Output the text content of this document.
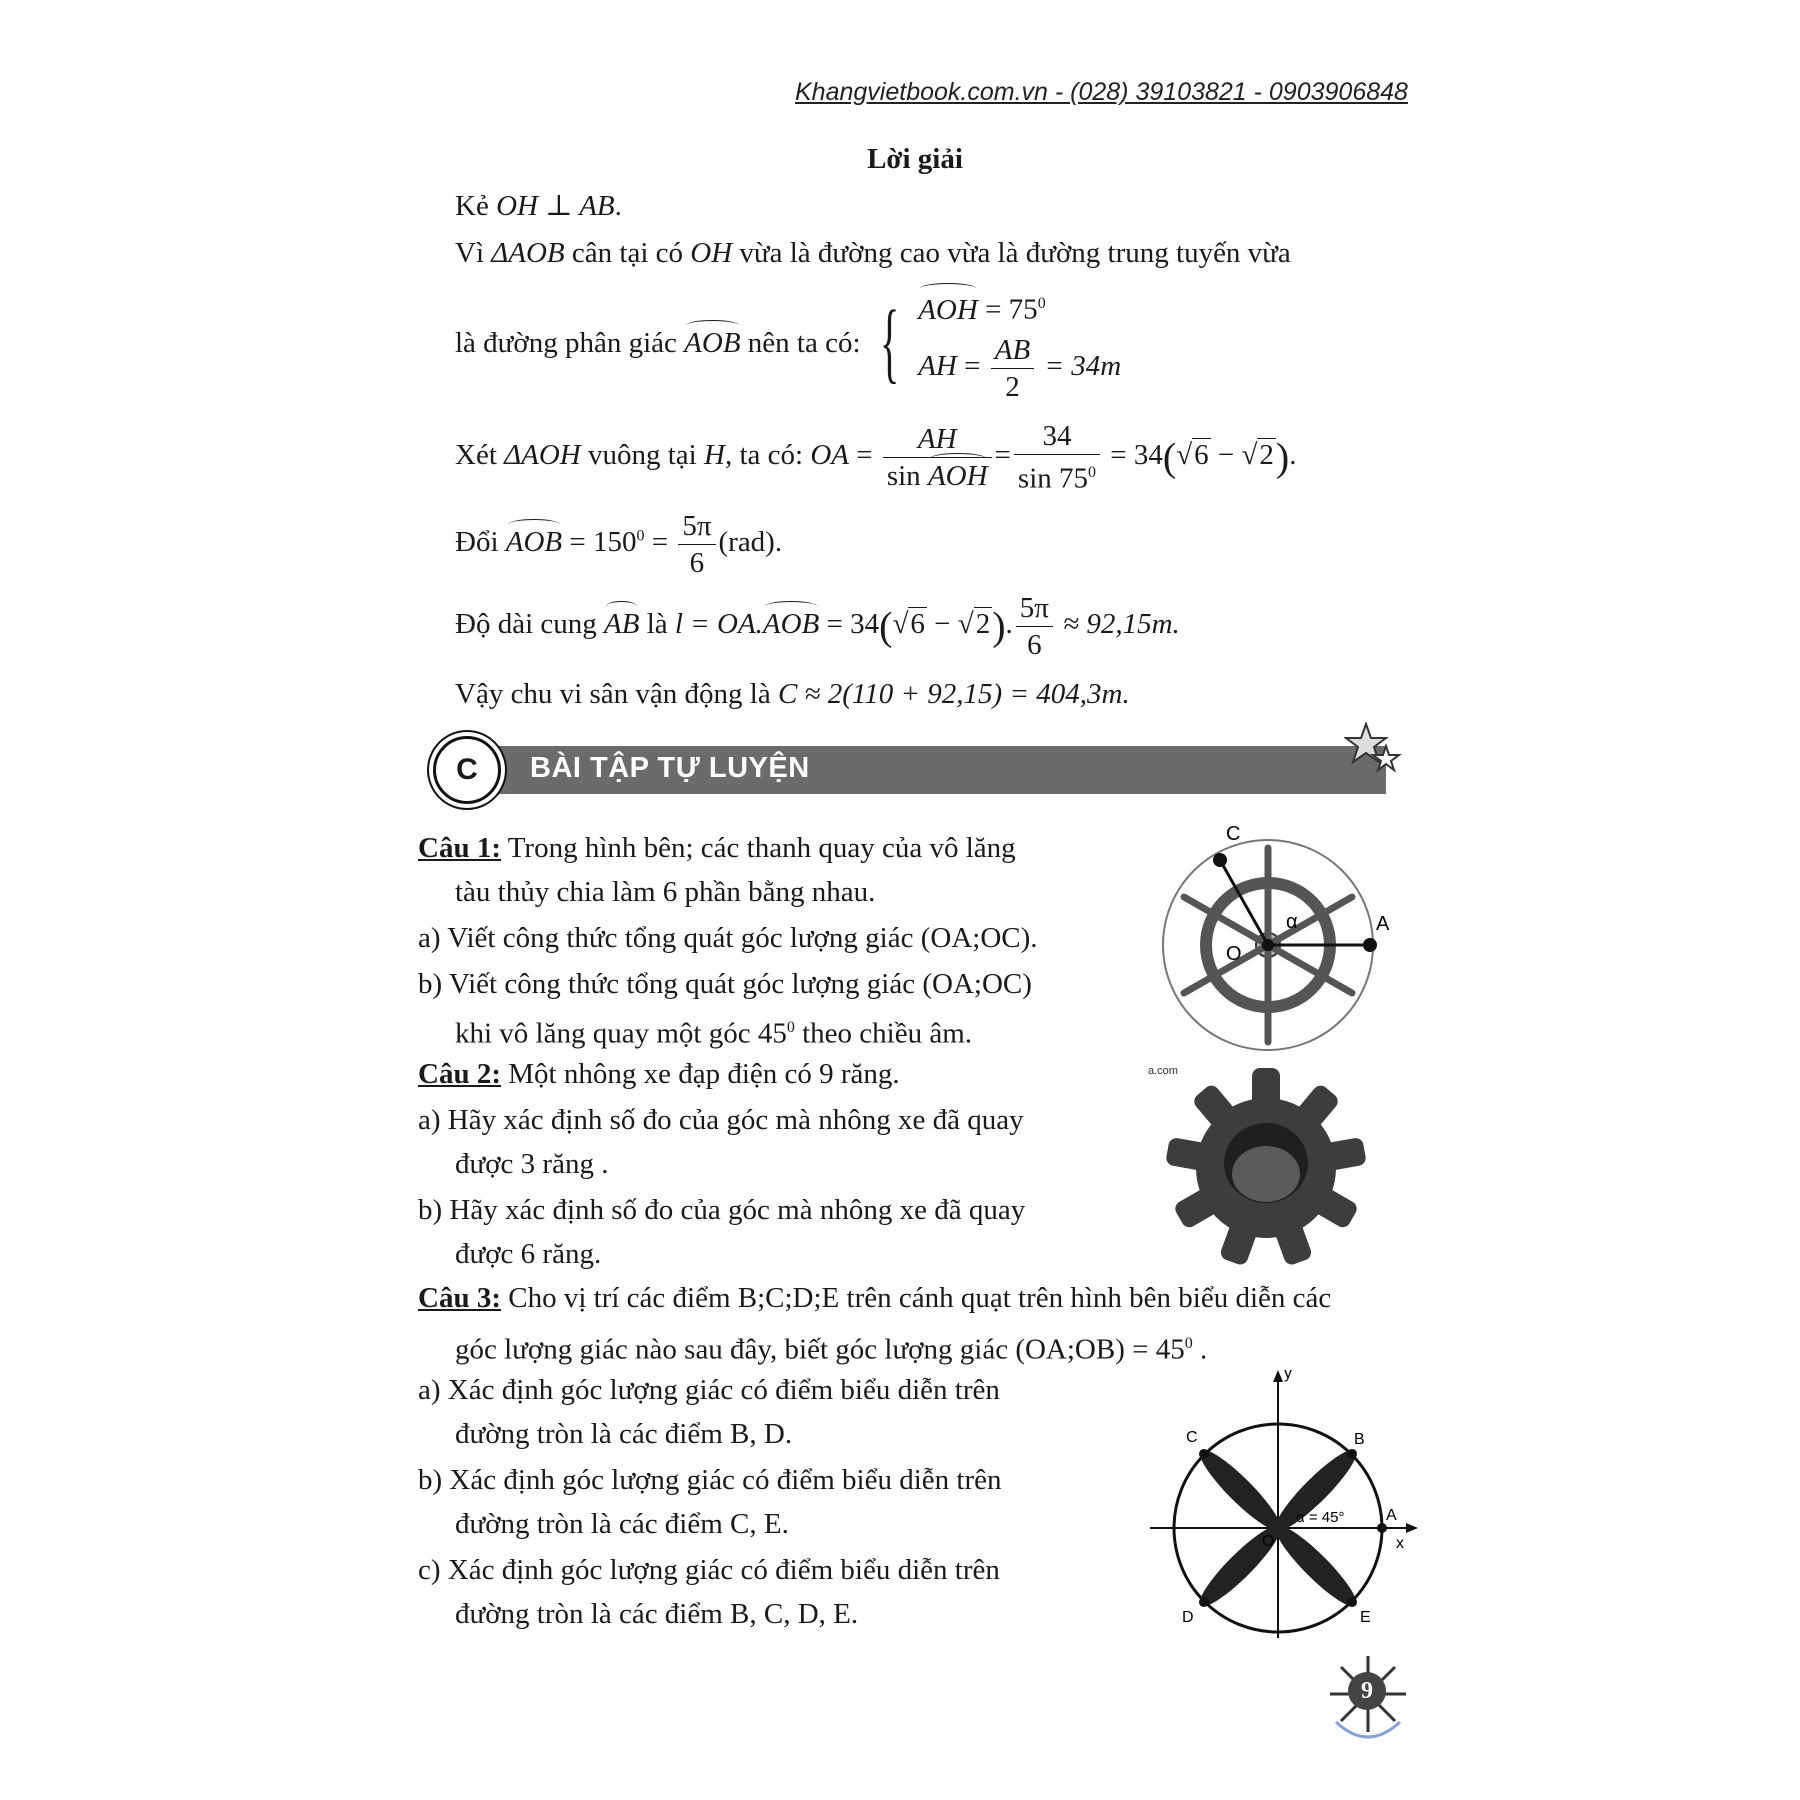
Khangvietbook.com.vn - (028) 39103821 - 0903906848
Lời giải
Kẻ OH ⊥ AB.
Vì ΔAOB cân tại có OH vừa là đường cao vừa là đường trung tuyến vừa
là đường phân giác AOB nên ta có: { AOH = $75^0$
AH = $\frac{AB}{2} = 34m$
Xét ΔAOH vuông tại H, ta có: OA = $\frac{AH}{\text{sin AOH}} = \frac{34}{\sin 75^0} = 34(√6 - √2)$.
Đổi AOB = $150^0 = \frac{5\pi}{6} (rad)$.
Độ dài cung AB là l = OA.AOB = 34(√6 − √2). $\frac{5\pi}{6} \approx 92,15m$.
Vậy chu vi sân vận động là C ≈ 2(110 + 92,15) = 404,3m.
C	BÀI TẬP TỰ LUYỆN
Câu 1: Trong hình bên; các thanh quay của vô lăng
tàu thủy chia làm 6 phần bằng nhau.
a) Viết công thức tổng quát góc lượng giác (OA;OC).
b) Viết công thức tổng quát góc lượng giác (OA;OC)
khi vô lăng quay một góc $45^0$ theo chiều âm.
C
A
O
α
Câu 2: Một nhông xe đạp điện có 9 răng.
a) Hãy xác định số đo của góc mà nhông xe đã quay
được 3 răng .
b) Hãy xác định số đo của góc mà nhông xe đã quay
được 6 răng.
a.com
Câu 3: Cho vị trí các điểm B;C;D;E trên cánh quạt trên hình bên biểu diễn các
góc lượng giác nào sau đây, biết góc lượng giác (OA;OB) = $45^0$ .
a) Xác định góc lượng giác có điểm biểu diễn trên
đường tròn là các điểm B, D.
b) Xác định góc lượng giác có điểm biểu diễn trên
đường tròn là các điểm C, E.
c) Xác định góc lượng giác có điểm biểu diễn trên
đường tròn là các điểm B, C, D, E.
y
x
A
B
C
D	E
O
α = 45°
9
